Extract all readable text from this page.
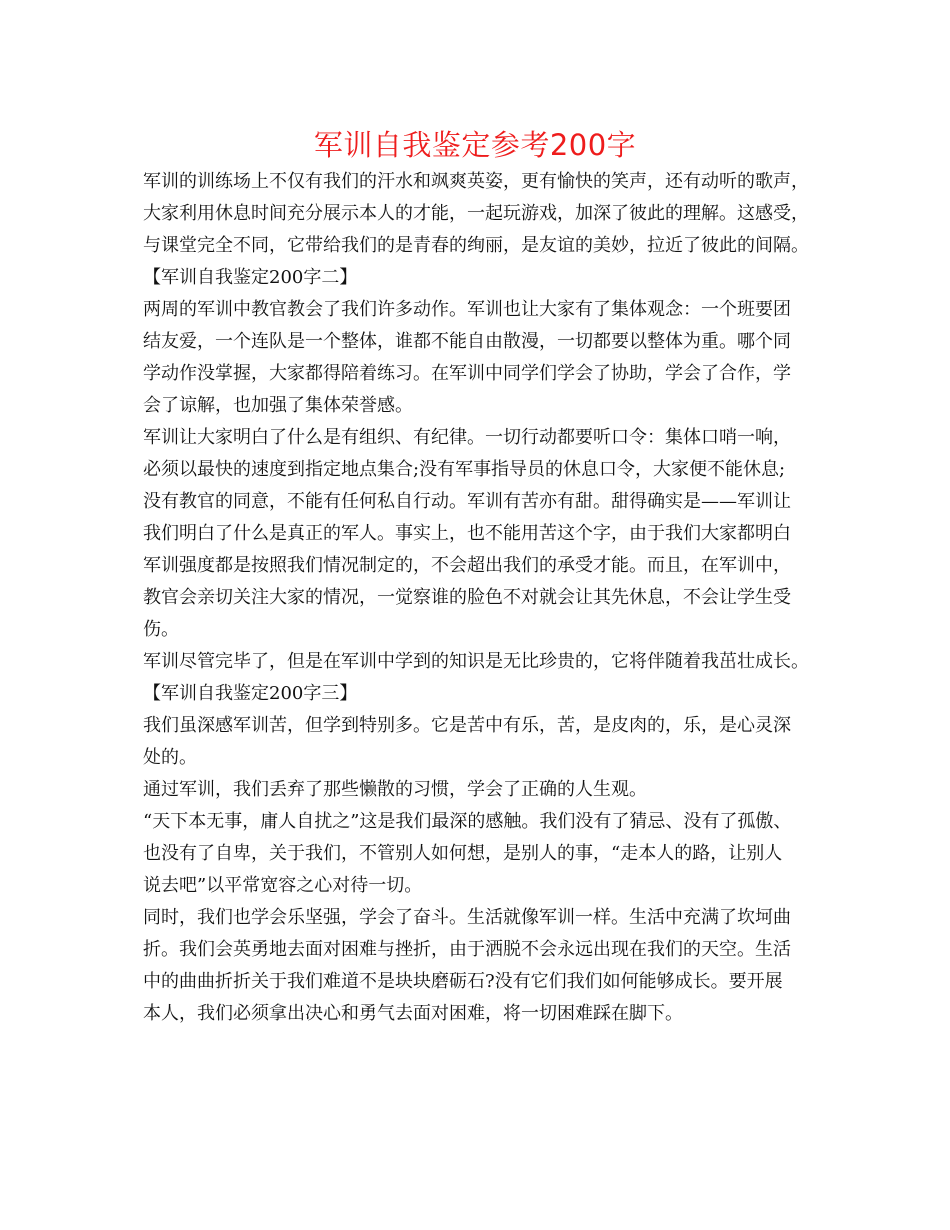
军训自我鉴定参考200字
军训的训练场上不仅有我们的汗水和飒爽英姿，更有愉快的笑声，还有动听的歌声，
大家利用休息时间充分展示本人的才能，一起玩游戏，加深了彼此的理解。这感受，
与课堂完全不同，它带给我们的是青春的绚丽，是友谊的美妙，拉近了彼此的间隔。
【军训自我鉴定200字二】
两周的军训中教官教会了我们许多动作。军训也让大家有了集体观念：一个班要团
结友爱，一个连队是一个整体，谁都不能自由散漫，一切都要以整体为重。哪个同
学动作没掌握，大家都得陪着练习。在军训中同学们学会了协助，学会了合作，学
会了谅解，也加强了集体荣誉感。
军训让大家明白了什么是有组织、有纪律。一切行动都要听口令：集体口哨一响，
必须以最快的速度到指定地点集合;没有军事指导员的休息口令，大家便不能休息;
没有教官的同意，不能有任何私自行动。军训有苦亦有甜。甜得确实是——军训让
我们明白了什么是真正的军人。事实上，也不能用苦这个字，由于我们大家都明白
军训强度都是按照我们情况制定的，不会超出我们的承受才能。而且，在军训中，
教官会亲切关注大家的情况，一觉察谁的脸色不对就会让其先休息，不会让学生受
伤。
军训尽管完毕了，但是在军训中学到的知识是无比珍贵的，它将伴随着我茁壮成长。
【军训自我鉴定200字三】
我们虽深感军训苦，但学到特别多。它是苦中有乐，苦，是皮肉的，乐，是心灵深
处的。
通过军训，我们丢弃了那些懒散的习惯，学会了正确的人生观。
“天下本无事，庸人自扰之”这是我们最深的感触。我们没有了猜忌、没有了孤傲、
也没有了自卑，关于我们，不管别人如何想，是别人的事，“走本人的路，让别人
说去吧”以平常宽容之心对待一切。
同时，我们也学会乐坚强，学会了奋斗。生活就像军训一样。生活中充满了坎坷曲
折。我们会英勇地去面对困难与挫折，由于洒脱不会永远出现在我们的天空。生活
中的曲曲折折关于我们难道不是块块磨砺石?没有它们我们如何能够成长。要开展
本人，我们必须拿出决心和勇气去面对困难，将一切困难踩在脚下。
